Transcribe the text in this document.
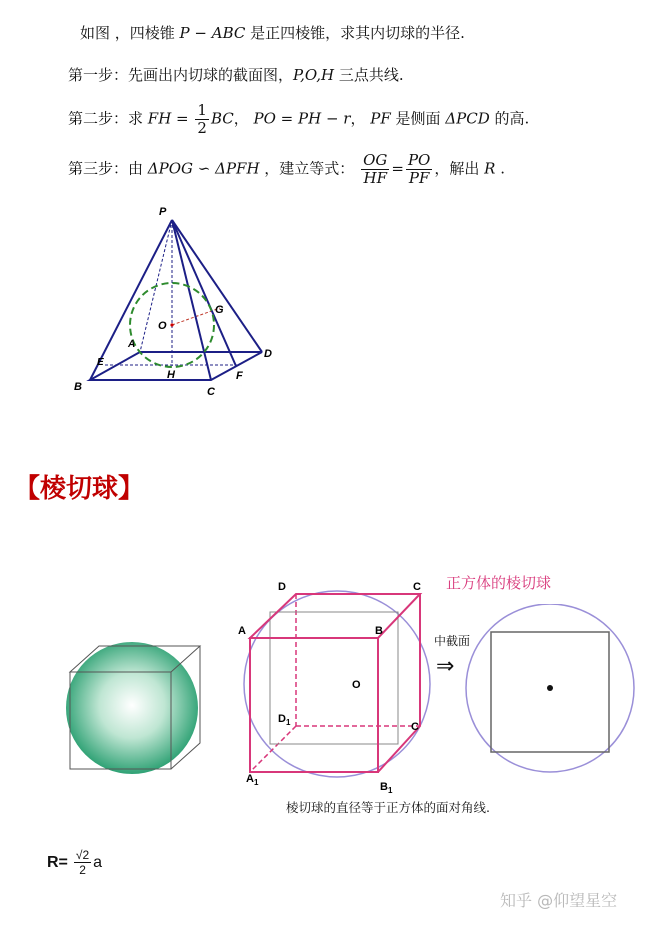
如图 ，四棱锥 P − ABC 是正四棱锥，求其内切球的半径.
第一步：先画出内切球的截面图，P,O,H 三点共线.
第二步：求 FH = $\frac{1}{2}$ BC， PO = PH − r， PF 是侧面 ΔPCD 的高.
第三步：由 ΔPOG ∽ ΔPFH ，建立等式： $\frac{OG}{HF} = \frac{PO}{PF}$ ，解出 R .
P
O
G
A
E
D
B
H	F
C
【棱切球】
D	C
A	B
O
$D_1$	C
$A_1$	$B_1$
正方体的棱切球
中截面
⇒
棱切球的直径等于正方体的面对角线.
$R= \frac{√2}{2}$ a
知乎 @仰望星空
